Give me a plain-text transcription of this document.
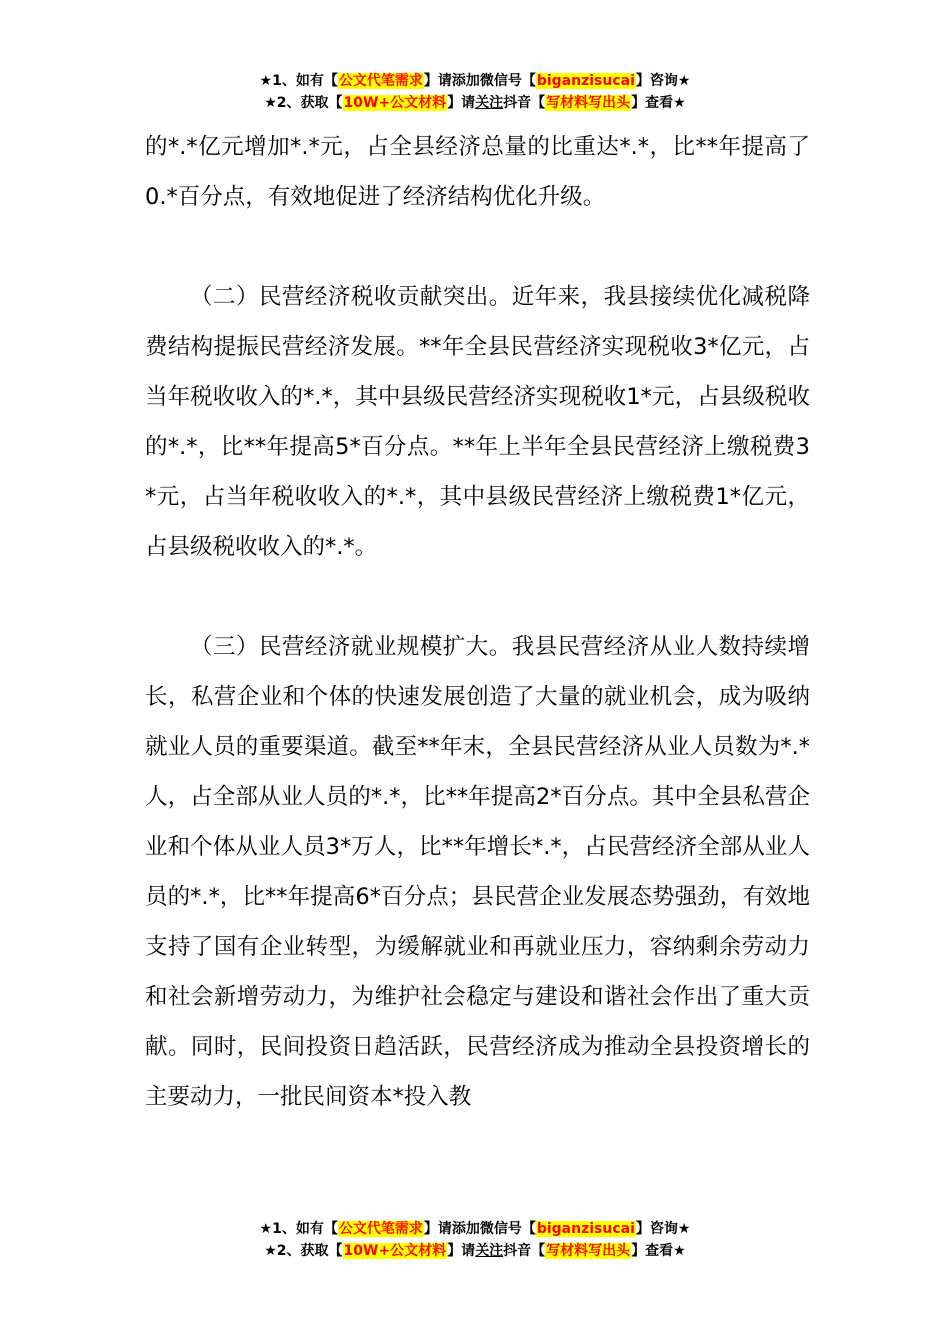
★1、如有【公文代笔需求】请添加微信号【biganzisucai】咨询★
★2、获取【10W+公文材料】请关注抖音【写材料写出头】查看★

的*.*亿元增加*.*元，占全县经济总量的比重达*.*，比**年提高了0.*百分点，有效地促进了经济结构优化升级。

（二）民营经济税收贡献突出。近年来，我县接续优化减税降费结构提振民营经济发展。**年全县民营经济实现税收3*亿元，占当年税收收入的*.*，其中县级民营经济实现税收1*元，占县级税收的*.*，比**年提高5*百分点。**年上半年全县民营经济上缴税费3*元，占当年税收收入的*.*，其中县级民营经济上缴税费1*亿元，占县级税收收入的*.*。

（三）民营经济就业规模扩大。我县民营经济从业人数持续增长，私营企业和个体的快速发展创造了大量的就业机会，成为吸纳就业人员的重要渠道。截至**年末，全县民营经济从业人员数为*.*人，占全部从业人员的*.*，比**年提高2*百分点。其中全县私营企业和个体从业人员3*万人，比**年增长*.*，占民营经济全部从业人员的*.*，比**年提高6*百分点；县民营企业发展态势强劲，有效地支持了国有企业转型，为缓解就业和再就业压力，容纳剩余劳动力和社会新增劳动力，为维护社会稳定与建设和谐社会作出了重大贡献。同时，民间投资日趋活跃，民营经济成为推动全县投资增长的主要动力，一批民间资本*投入教

★1、如有【公文代笔需求】请添加微信号【biganzisucai】咨询★
★2、获取【10W+公文材料】请关注抖音【写材料写出头】查看★
